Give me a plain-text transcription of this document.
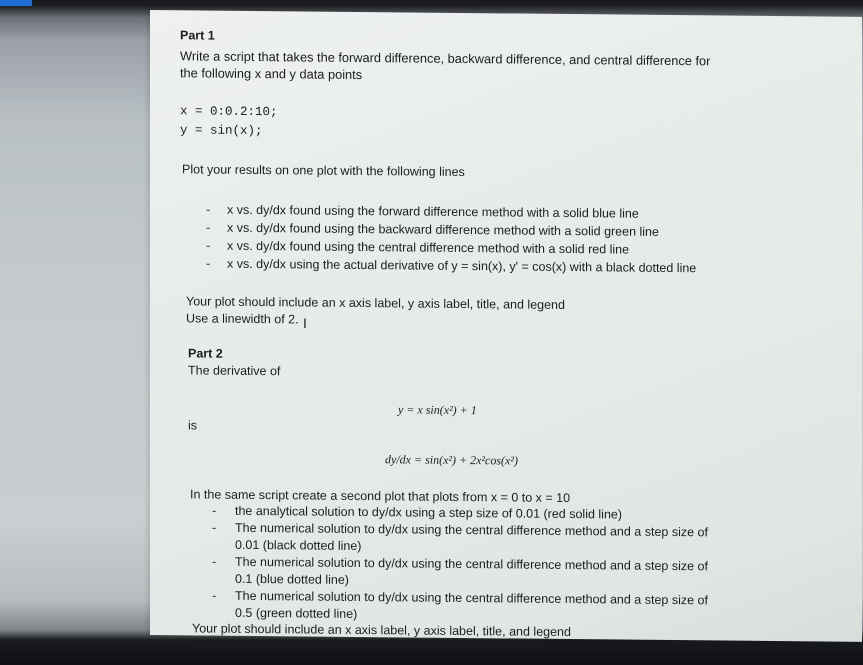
Part 1
Write a script that takes the forward difference, backward difference, and central difference for
the following x and y data points
x = 0:0.2:10;
y = sin(x);
Plot your results on one plot with the following lines
- x vs. dy/dx found using the forward difference method with a solid blue line
- x vs. dy/dx found using the backward difference method with a solid green line
- x vs. dy/dx found using the central difference method with a solid red line
- x vs. dy/dx using the actual derivative of y = sin(x), y' = cos(x) with a black dotted line
Your plot should include an x axis label, y axis label, title, and legend
Use a linewidth of 2.
Part 2
The derivative of
y = x sin(x²) + 1
is
dy/dx = sin(x²) + 2x²cos(x²)
In the same script create a second plot that plots from x = 0 to x = 10
- the analytical solution to dy/dx using a step size of 0.01 (red solid line)
- The numerical solution to dy/dx using the central difference method and a step size of
0.01 (black dotted line)
- The numerical solution to dy/dx using the central difference method and a step size of
0.1 (blue dotted line)
- The numerical solution to dy/dx using the central difference method and a step size of
0.5 (green dotted line)
Your plot should include an x axis label, y axis label, title, and legend
Use a linewidth of 2
I
